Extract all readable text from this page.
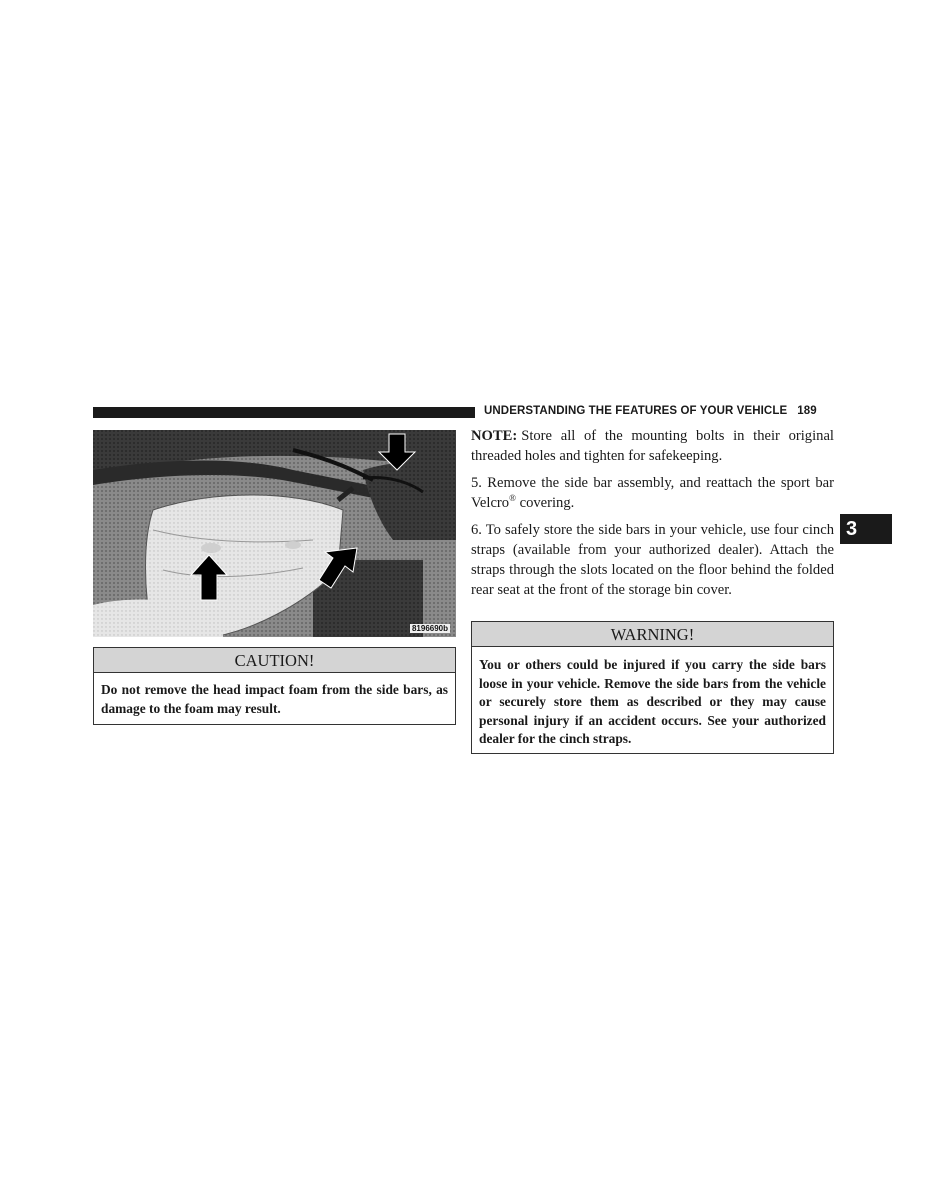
UNDERSTANDING THE FEATURES OF YOUR VEHICLE 189
3
8196690b
CAUTION!
Do not remove the head impact foam from the side bars, as damage to the foam may result.

NOTE: Store all of the mounting bolts in their original threaded holes and tighten for safekeeping.

5. Remove the side bar assembly, and reattach the sport bar Velcro® covering.

6. To safely store the side bars in your vehicle, use four cinch straps (available from your authorized dealer). Attach the straps through the slots located on the floor behind the folded rear seat at the front of the storage bin cover.

WARNING!
You or others could be injured if you carry the side bars loose in your vehicle. Remove the side bars from the vehicle or securely store them as described or they may cause personal injury if an accident occurs. See your authorized dealer for the cinch straps.
